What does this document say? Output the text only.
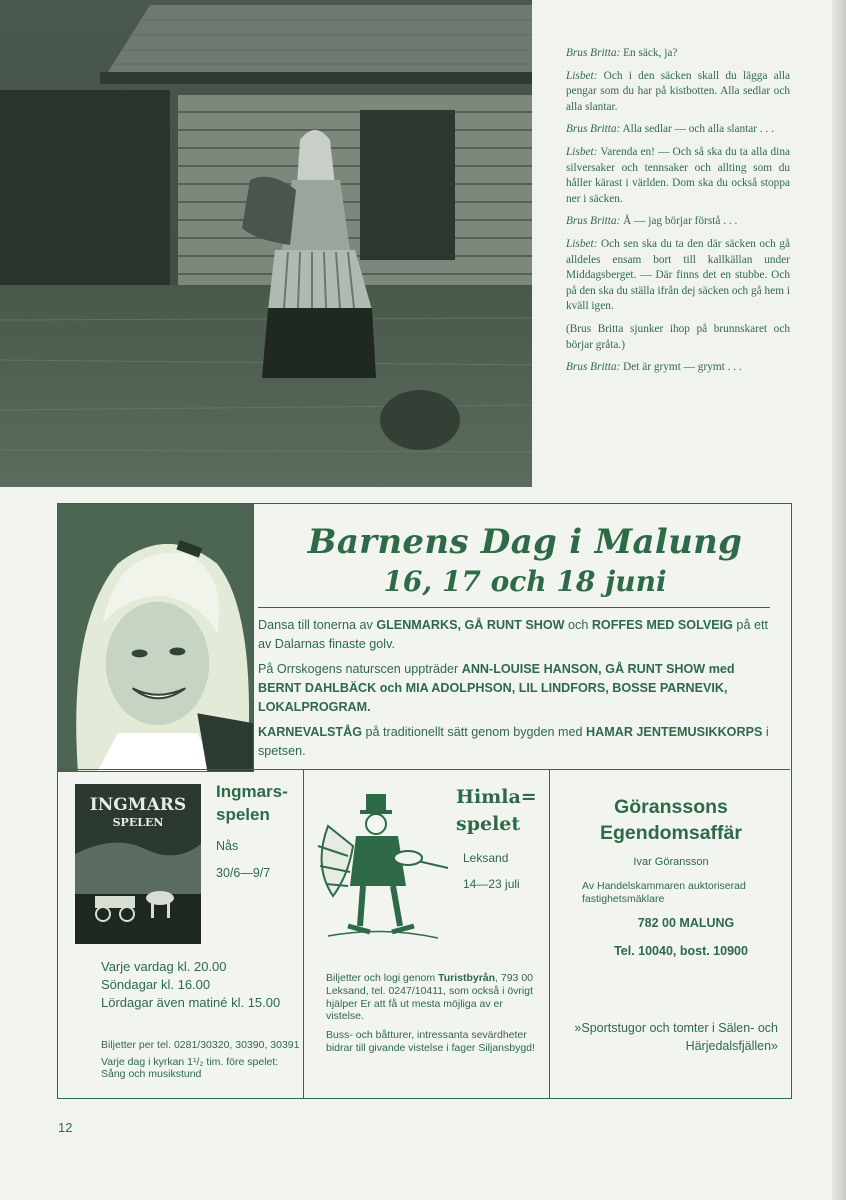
Brus Britta: En säck, ja?

Lisbet: Och i den säcken skall du lägga alla pengar som du har på kistbotten. Alla sedlar och alla slantar.

Brus Britta: Alla sedlar — och alla slantar . . .

Lisbet: Varenda en! — Och så ska du ta alla dina silversaker och tennsaker och allting som du håller kärast i världen. Dom ska du också stoppa ner i säcken.

Brus Britta: Å — jag börjar förstå . . .

Lisbet: Och sen ska du ta den där säcken och gå alldeles ensam bort till kallkällan under Middagsberget. — Där finns det en stubbe. Och på den ska du ställa ifrån dej säcken och gå hem i kväll igen.

(Brus Britta sjunker ihop på brunnskaret och börjar gråta.)

Brus Britta: Det är grymt — grymt . . .

Barnens Dag i Malung
16, 17 och 18 juni

Dansa till tonerna av GLENMARKS, GÅ RUNT SHOW och ROFFES MED SOLVEIG på ett av Dalarnas finaste golv.

På Orrskogens naturscen uppträder ANN-LOUISE HANSON, GÅ RUNT SHOW med BERNT DAHLBÄCK och MIA ADOLPHSON, LIL LINDFORS, BOSSE PARNEVIK, LOKALPROGRAM.

KARNEVALSTÅG på traditionellt sätt genom bygden med HAMAR JENTEMUSIKKORPS i spetsen.

INGMARS
SPELEN
Ingmars-spelen
Nås
30/6—9/7
Varje vardag kl. 20.00
Söndagar kl. 16.00
Lördagar även matiné kl. 15.00

Biljetter per tel. 0281/30320, 30390, 30391

Varje dag i kyrkan 1¹/₂ tim. före spelet: Sång och musikstund

Himla=
spelet
Leksand
14—23 juli

Biljetter och logi genom Turistbyrån, 793 00 Leksand, tel. 0247/10411, som också i övrigt hjälper Er att få ut mesta möjliga av er vistelse.

Buss- och båtturer, intressanta sevärdheter bidrar till givande vistelse i fager Siljansbygd!

Göranssons Egendomsaffär
Ivar Göransson
Av Handelskammaren auktoriserad fastighetsmäklare
782 00 MALUNG
Tel. 10040, bost. 10900
»Sportstugor och tomter i Sälen- och Härjedalsfjällen»
12
